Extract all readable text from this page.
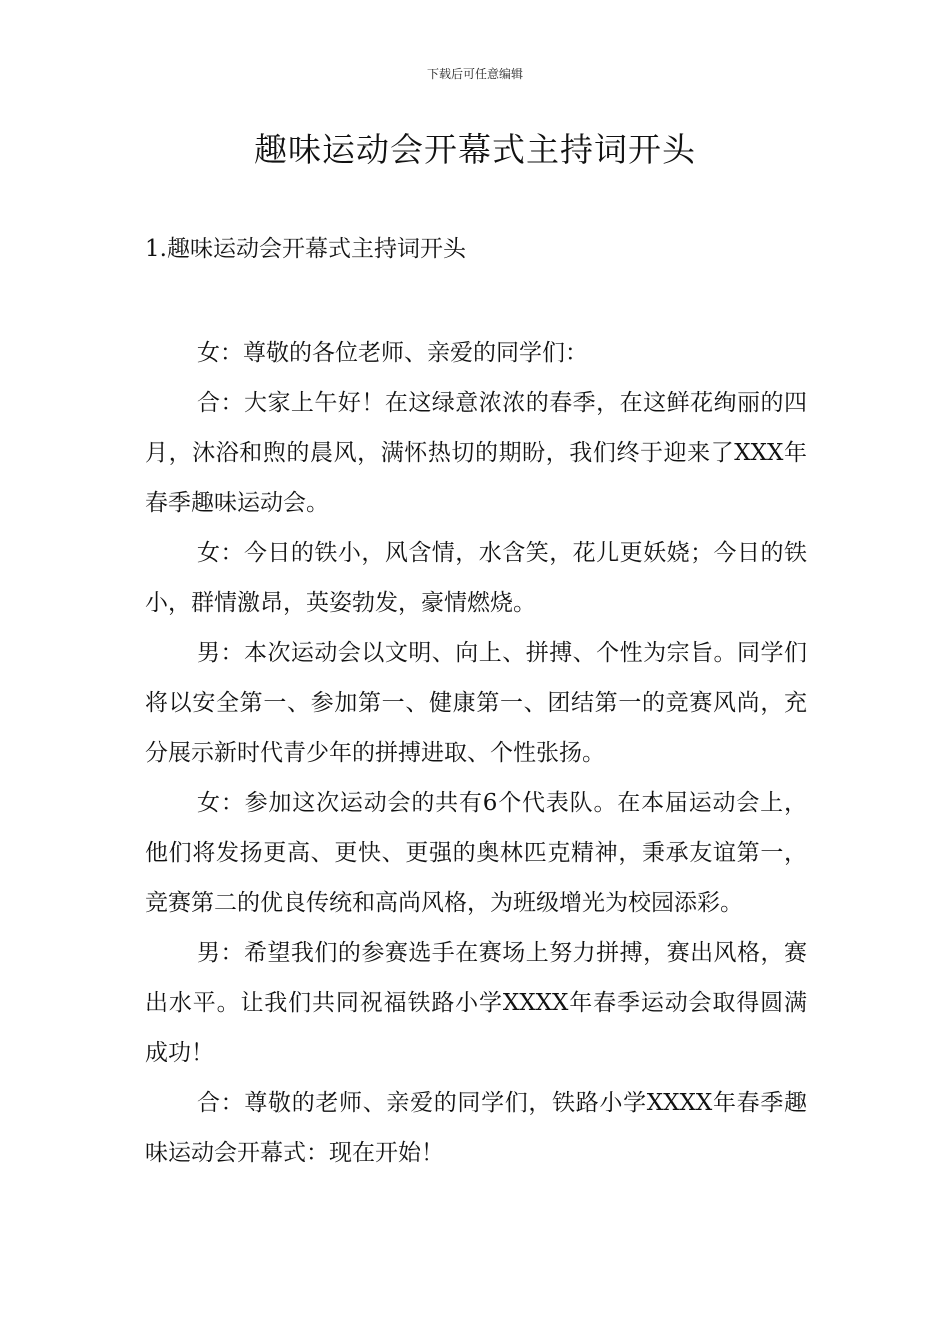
下载后可任意编辑
趣味运动会开幕式主持词开头
1.趣味运动会开幕式主持词开头

女：尊敬的各位老师、亲爱的同学们：

合：大家上午好！在这绿意浓浓的春季，在这鲜花绚丽的四月，沐浴和煦的晨风，满怀热切的期盼，我们终于迎来了XXX年春季趣味运动会。

女：今日的铁小，风含情，水含笑，花儿更妖娆；今日的铁小，群情激昂，英姿勃发，豪情燃烧。

男：本次运动会以文明、向上、拼搏、个性为宗旨。同学们将以安全第一、参加第一、健康第一、团结第一的竞赛风尚，充分展示新时代青少年的拼搏进取、个性张扬。

女：参加这次运动会的共有6个代表队。在本届运动会上，他们将发扬更高、更快、更强的奥林匹克精神，秉承友谊第一，竞赛第二的优良传统和高尚风格，为班级增光为校园添彩。

男：希望我们的参赛选手在赛场上努力拼搏，赛出风格，赛出水平。让我们共同祝福铁路小学XXXX年春季运动会取得圆满成功！

合：尊敬的老师、亲爱的同学们，铁路小学XXXX年春季趣味运动会开幕式：现在开始！
